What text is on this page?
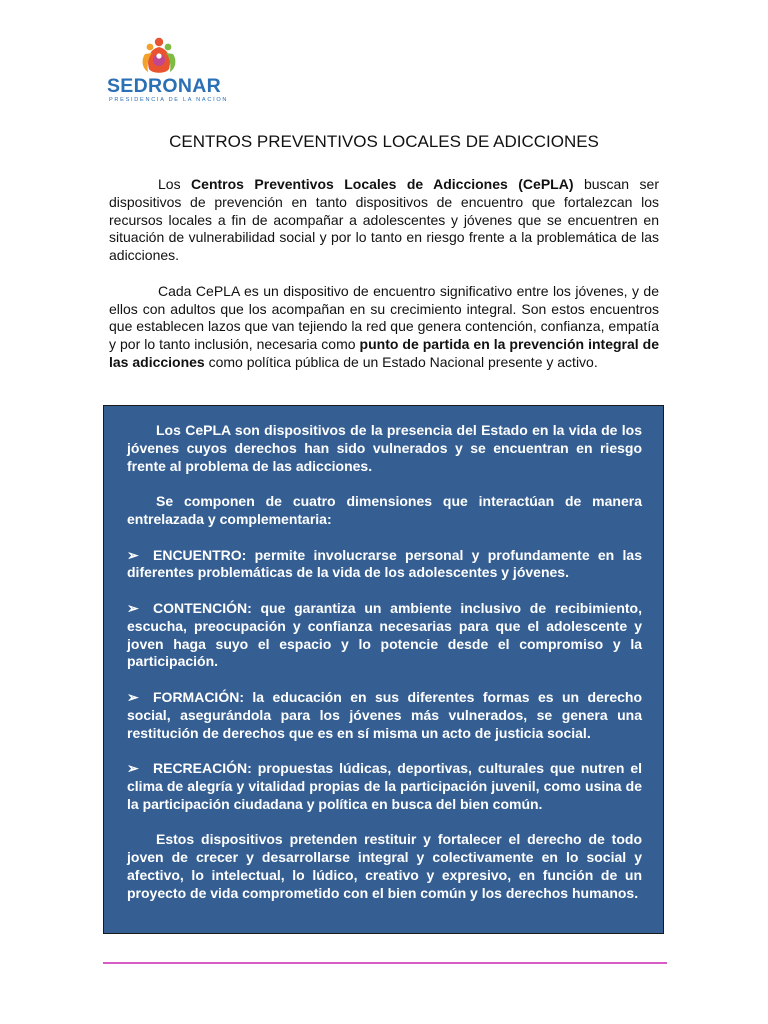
SEDRONAR
PRESIDENCIA DE LA NACION
CENTROS PREVENTIVOS LOCALES DE ADICCIONES

Los Centros Preventivos Locales de Adicciones (CePLA) buscan ser dispositivos de prevención en tanto dispositivos de encuentro que fortalezcan los recursos locales a fin de acompañar a adolescentes y jóvenes que se encuentren en situación de vulnerabilidad social y por lo tanto en riesgo frente a la problemática de las adicciones.

Cada CePLA es un dispositivo de encuentro significativo entre los jóvenes, y de ellos con adultos que los acompañan en su crecimiento integral. Son estos encuentros que establecen lazos que van tejiendo la red que genera contención, confianza, empatía y por lo tanto inclusión, necesaria como punto de partida en la prevención integral de las adicciones como política pública de un Estado Nacional presente y activo.

Los CePLA son dispositivos de la presencia del Estado en la vida de los jóvenes cuyos derechos han sido vulnerados y se encuentran en riesgo frente al problema de las adicciones.

Se componen de cuatro dimensiones que interactúan de manera entrelazada y complementaria:

➢ ENCUENTRO: permite involucrarse personal y profundamente en las diferentes problemáticas de la vida de los adolescentes y jóvenes.

➢ CONTENCIÓN: que garantiza un ambiente inclusivo de recibimiento, escucha, preocupación y confianza necesarias para que el adolescente y joven haga suyo el espacio y lo potencie desde el compromiso y la participación.

➢ FORMACIÓN: la educación en sus diferentes formas es un derecho social, asegurándola para los jóvenes más vulnerados, se genera una restitución de derechos que es en sí misma un acto de justicia social.

➢ RECREACIÓN: propuestas lúdicas, deportivas, culturales que nutren el clima de alegría y vitalidad propias de la participación juvenil, como usina de la participación ciudadana y política en busca del bien común.

Estos dispositivos pretenden restituir y fortalecer el derecho de todo joven de crecer y desarrollarse integral y colectivamente en lo social y afectivo, lo intelectual, lo lúdico, creativo y expresivo, en función de un proyecto de vida comprometido con el bien común y los derechos humanos.
